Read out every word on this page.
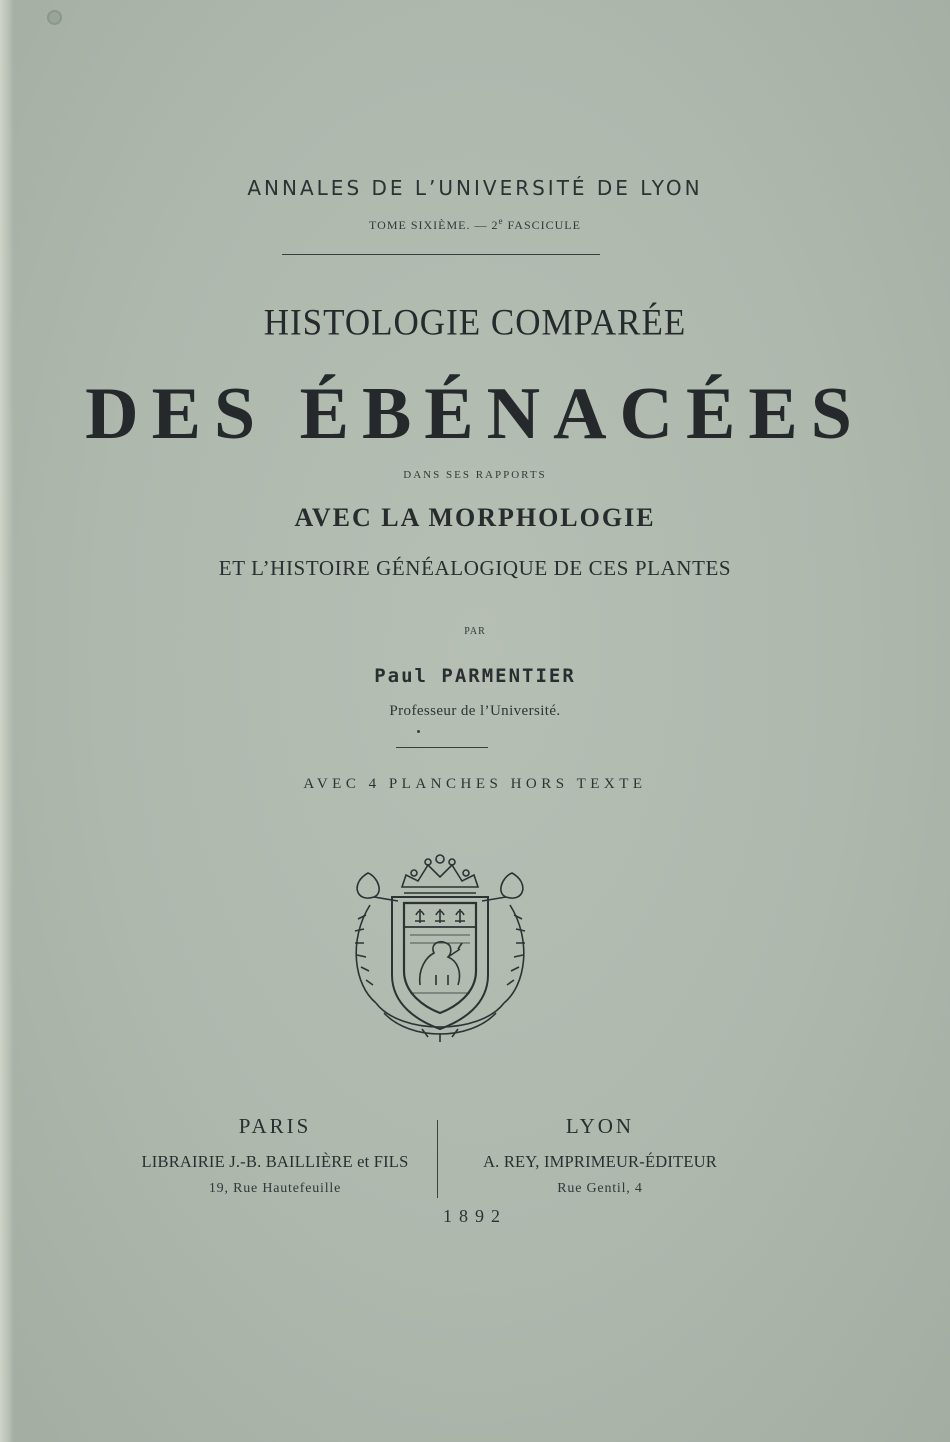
ANNALES DE L’UNIVERSITÉ DE LYON
TOME SIXIÈME. — 2e FASCICULE
HISTOLOGIE COMPARÉE
DES ÉBÉNACÉES
DANS SES RAPPORTS
AVEC LA MORPHOLOGIE
ET L’HISTOIRE GÉNÉALOGIQUE DE CES PLANTES
PAR
Paul PARMENTIER
Professeur de l’Université.
AVEC 4 PLANCHES HORS TEXTE
PARIS
LIBRAIRIE J.-B. BAILLIÈRE et FILS
19, Rue Hautefeuille
LYON
A. REY, IMPRIMEUR-ÉDITEUR
Rue Gentil, 4
1892
